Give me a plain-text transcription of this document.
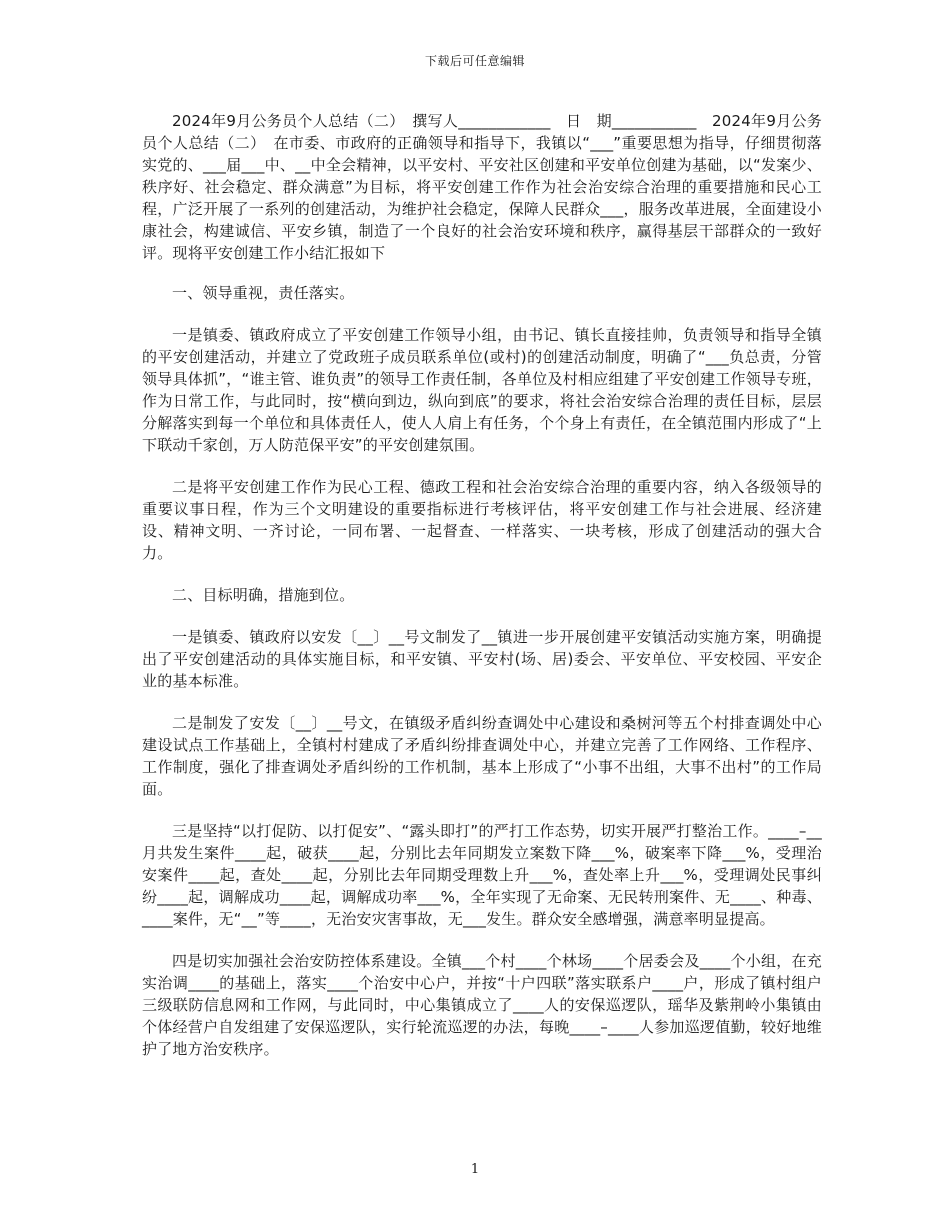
下载后可任意编辑

2024年9月公务员个人总结（二）　撰写人____________　日　期___________　2024年9月公务员个人总结（二）　在市委、市政府的正确领导和指导下，我镇以“___”重要思想为指导，仔细贯彻落实党的、___届___中、__中全会精神，以平安村、平安社区创建和平安单位创建为基础，以“发案少、秩序好、社会稳定、群众满意”为目标，将平安创建工作作为社会治安综合治理的重要措施和民心工程，广泛开展了一系列的创建活动，为维护社会稳定，保障人民群众___，服务改革进展，全面建设小康社会，构建诚信、平安乡镇，制造了一个良好的社会治安环境和秩序，赢得基层干部群众的一致好评。现将平安创建工作小结汇报如下

一、领导重视，责任落实。

一是镇委、镇政府成立了平安创建工作领导小组，由书记、镇长直接挂帅，负责领导和指导全镇的平安创建活动，并建立了党政班子成员联系单位(或村)的创建活动制度，明确了“___负总责，分管领导具体抓”，“谁主管、谁负责”的领导工作责任制，各单位及村相应组建了平安创建工作领导专班，作为日常工作，与此同时，按“横向到边，纵向到底”的要求，将社会治安综合治理的责任目标，层层分解落实到每一个单位和具体责任人，使人人肩上有任务，个个身上有责任，在全镇范围内形成了“上下联动千家创，万人防范保平安”的平安创建氛围。

二是将平安创建工作作为民心工程、德政工程和社会治安综合治理的重要内容，纳入各级领导的重要议事日程，作为三个文明建设的重要指标进行考核评估，将平安创建工作与社会进展、经济建设、精神文明、一齐讨论，一同布署、一起督查、一样落实、一块考核，形成了创建活动的强大合力。

二、目标明确，措施到位。

一是镇委、镇政府以安发〔__〕__号文制发了__镇进一步开展创建平安镇活动实施方案，明确提出了平安创建活动的具体实施目标，和平安镇、平安村(场、居)委会、平安单位、平安校园、平安企业的基本标准。

二是制发了安发〔__〕__号文，在镇级矛盾纠纷查调处中心建设和桑树河等五个村排查调处中心建设试点工作基础上，全镇村村建成了矛盾纠纷排查调处中心，并建立完善了工作网络、工作程序、工作制度，强化了排查调处矛盾纠纷的工作机制，基本上形成了“小事不出组，大事不出村”的工作局面。

三是坚持“以打促防、以打促安”、“露头即打”的严打工作态势，切实开展严打整治工作。____–__月共发生案件____起，破获____起，分别比去年同期发立案数下降___%，破案率下降___%，受理治安案件____起，查处____起，分别比去年同期受理数上升___%，查处率上升___%，受理调处民事纠纷____起，调解成功____起，调解成功率___%，全年实现了无命案、无民转刑案件、无____、种毒、____案件，无“__”等____，无治安灾害事故，无___发生。群众安全感增强，满意率明显提高。

四是切实加强社会治安防控体系建设。全镇___个村____个林场____个居委会及____个小组，在充实治调____的基础上，落实____个治安中心户，并按“十户四联”落实联系户____户，形成了镇村组户三级联防信息网和工作网，与此同时，中心集镇成立了____人的安保巡逻队，瑶华及紫荆岭小集镇由个体经营户自发组建了安保巡逻队，实行轮流巡逻的办法，每晚____–____人参加巡逻值勤，较好地维护了地方治安秩序。

1
